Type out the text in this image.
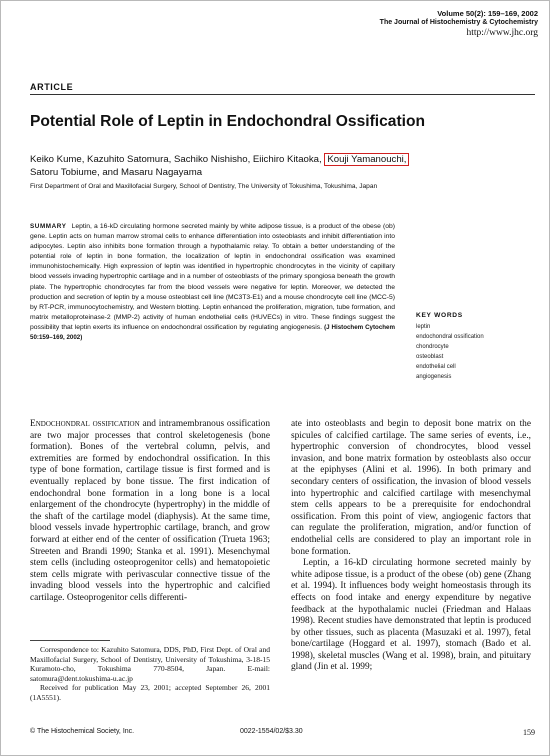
Volume 50(2): 159–169, 2002
The Journal of Histochemistry & Cytochemistry
http://www.jhc.org
ARTICLE
Potential Role of Leptin in Endochondral Ossification
Keiko Kume, Kazuhito Satomura, Sachiko Nishisho, Eiichiro Kitaoka, Kouji Yamanouchi,
Satoru Tobiume, and Masaru Nagayama
First Department of Oral and Maxillofacial Surgery, School of Dentistry, The University of Tokushima, Tokushima, Japan
SUMMARY Leptin, a 16-kD circulating hormone secreted mainly by white adipose tissue, is a product of the obese (ob) gene. Leptin acts on human marrow stromal cells to enhance differentiation into osteoblasts and inhibit differentiation into adipocytes. Leptin also inhibits bone formation through a hypothalamic relay. To obtain a better understanding of the potential role of leptin in bone formation, the localization of leptin in endochondral ossification was examined immunohistochemically. High expression of leptin was identified in hypertrophic chondrocytes in the vicinity of capillary blood vessels invading hypertrophic cartilage and in a number of osteoblasts of the primary spongiosa beneath the growth plate. The hypertrophic chondrocytes far from the blood vessels were negative for leptin. Moreover, we detected the production and secretion of leptin by a mouse osteoblast cell line (MC3T3-E1) and a mouse chondrocyte cell line (MCC-5) by RT-PCR, immunocytochemistry, and Western blotting. Leptin enhanced the proliferation, migration, tube formation, and matrix metalloproteinase-2 (MMP-2) activity of human endothelial cells (HUVECs) in vitro. These findings suggest the possibility that leptin exerts its influence on endochondral ossification by regulating angiogenesis. (J Histochem Cytochem 50:159–169, 2002)
KEY WORDS
leptin
endochondral ossification
chondrocyte
osteoblast
endothelial cell
angiogenesis

Endochondral ossification and intramembranous ossification are two major processes that control skeletogenesis (bone formation). Bones of the vertebral column, pelvis, and extremities are formed by endochondral ossification. In this type of bone formation, cartilage tissue is first formed and is eventually replaced by bone tissue. The first indication of endochondral bone formation in a long bone is a local enlargement of the chondrocyte (hypertrophy) in the middle of the shaft of the cartilage model (diaphysis). At the same time, blood vessels invade hypertrophic cartilage, branch, and grow forward at either end of the center of ossification (Trueta 1963; Streeten and Brandi 1990; Stanka et al. 1991). Mesenchymal stem cells (including osteoprogenitor cells) and hematopoietic stem cells migrate with perivascular connective tissue of the invading blood vessels into the hypertrophic and calcified cartilage. Osteoprogenitor cells differenti-

Correspondence to: Kazuhito Satomura, DDS, PhD, First Dept. of Oral and Maxillofacial Surgery, School of Dentistry, University of Tokushima, 3-18-15 Kuramoto-cho, Tokushima 770-8504, Japan. E-mail: satomura@dent.tokushima-u.ac.jp

Received for publication May 23, 2001; accepted September 26, 2001 (1A5551).

ate into osteoblasts and begin to deposit bone matrix on the spicules of calcified cartilage. The same series of events, i.e., hypertrophic conversion of chondrocytes, blood vessel invasion, and bone matrix formation by osteoblasts also occur at the epiphyses (Alini et al. 1996). In both primary and secondary centers of ossification, the invasion of blood vessels into hypertrophic and calcified cartilage with mesenchymal stem cells appears to be a prerequisite for endochondral ossification. From this point of view, angiogenic factors that can regulate the proliferation, migration, and/or function of endothelial cells are considered to play an important role in bone formation.

Leptin, a 16-kD circulating hormone secreted mainly by white adipose tissue, is a product of the obese (ob) gene (Zhang et al. 1994). It influences body weight homeostasis through its effects on food intake and energy expenditure by negative feedback at the hypothalamic nuclei (Friedman and Halaas 1998). Recent studies have demonstrated that leptin is produced by other tissues, such as placenta (Masuzaki et al. 1997), fetal bone/cartilage (Hoggard et al. 1997), stomach (Bado et al. 1998), skeletal muscles (Wang et al. 1998), brain, and pituitary gland (Jin et al. 1999;

© The Histochemical Society, Inc.	0022-1554/02/$3.30	159
